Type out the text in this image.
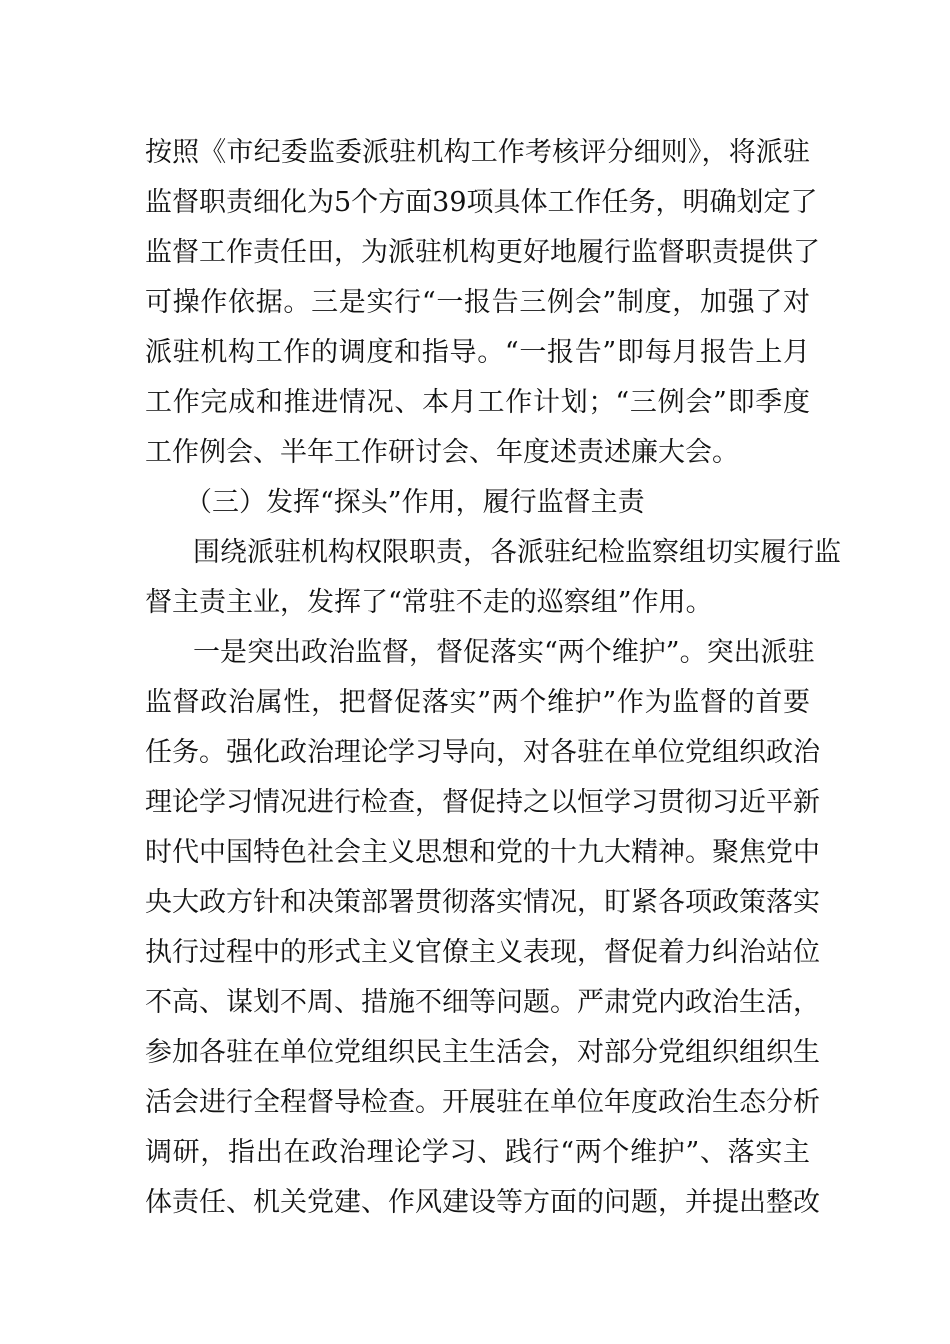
按照《市纪委监委派驻机构工作考核评分细则》，将派驻
监督职责细化为5个方面39项具体工作任务，明确划定了
监督工作责任田，为派驻机构更好地履行监督职责提供了
可操作依据。三是实行“一报告三例会”制度，加强了对
派驻机构工作的调度和指导。“一报告”即每月报告上月
工作完成和推进情况、本月工作计划；“三例会”即季度
工作例会、半年工作研讨会、年度述责述廉大会。
（三）发挥“探头”作用，履行监督主责
围绕派驻机构权限职责，各派驻纪检监察组切实履行监
督主责主业，发挥了“常驻不走的巡察组”作用。
一是突出政治监督，督促落实“两个维护”。突出派驻
监督政治属性，把督促落实”两个维护”作为监督的首要
任务。强化政治理论学习导向，对各驻在单位党组织政治
理论学习情况进行检查，督促持之以恒学习贯彻习近平新
时代中国特色社会主义思想和党的十九大精神。聚焦党中
央大政方针和决策部署贯彻落实情况，盯紧各项政策落实
执行过程中的形式主义官僚主义表现，督促着力纠治站位
不高、谋划不周、措施不细等问题。严肃党内政治生活，
参加各驻在单位党组织民主生活会，对部分党组织组织生
活会进行全程督导检查。开展驻在单位年度政治生态分析
调研，指出在政治理论学习、践行“两个维护”、落实主
体责任、机关党建、作风建设等方面的问题，并提出整改
